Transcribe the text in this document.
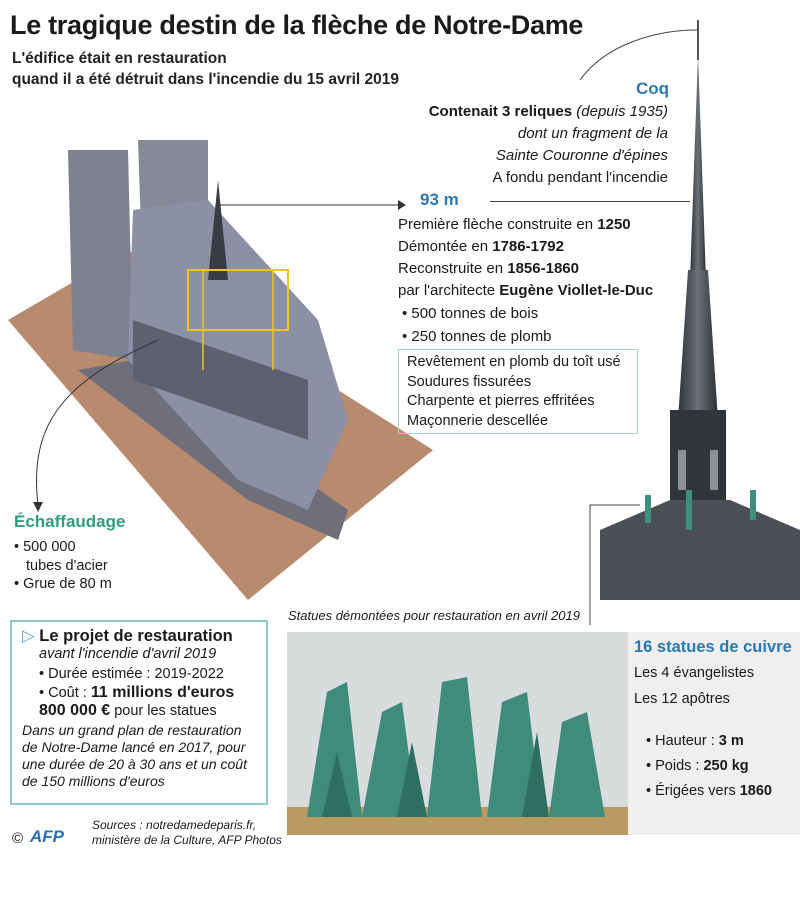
Le tragique destin de la flèche de Notre-Dame
L'édifice était en restauration
quand il a été détruit dans l'incendie du 15 avril 2019	Coq
Contenait 3 reliques (depuis 1935)
dont un fragment de la
Sainte Couronne d'épines
A fondu pendant l'incendie
93 m
Première flèche construite en 1250
Démontée en 1786-1792
Reconstruite en 1856-1860
par l'architecte Eugène Viollet-le-Duc
• 500 tonnes de bois
• 250 tonnes de plomb
Revêtement en plomb du toît usé
Soudures fissurées
Charpente et pierres effritées
Maçonnerie descellée
Échaffaudage
• 500 000
tubes d'acier
• Grue de 80 m
▷ Le projet de restauration
avant l'incendie d'avril 2019
• Durée estimée : 2019-2022
• Coût : 11 millions d'euros
800 000 € pour les statues
Dans un grand plan de restauration de Notre-Dame lancé en 2017, pour une durée de 20 à 30 ans et un coût de 150 millions d'euros
© AFP
Sources : notredamedeparis.fr,
ministère de la Culture, AFP Photos
Statues démontées pour restauration en avril 2019
16 statues de cuivre
Les 4 évangelistes
Les 12 apôtres
• Hauteur : 3 m
• Poids : 250 kg
• Érigées vers 1860
